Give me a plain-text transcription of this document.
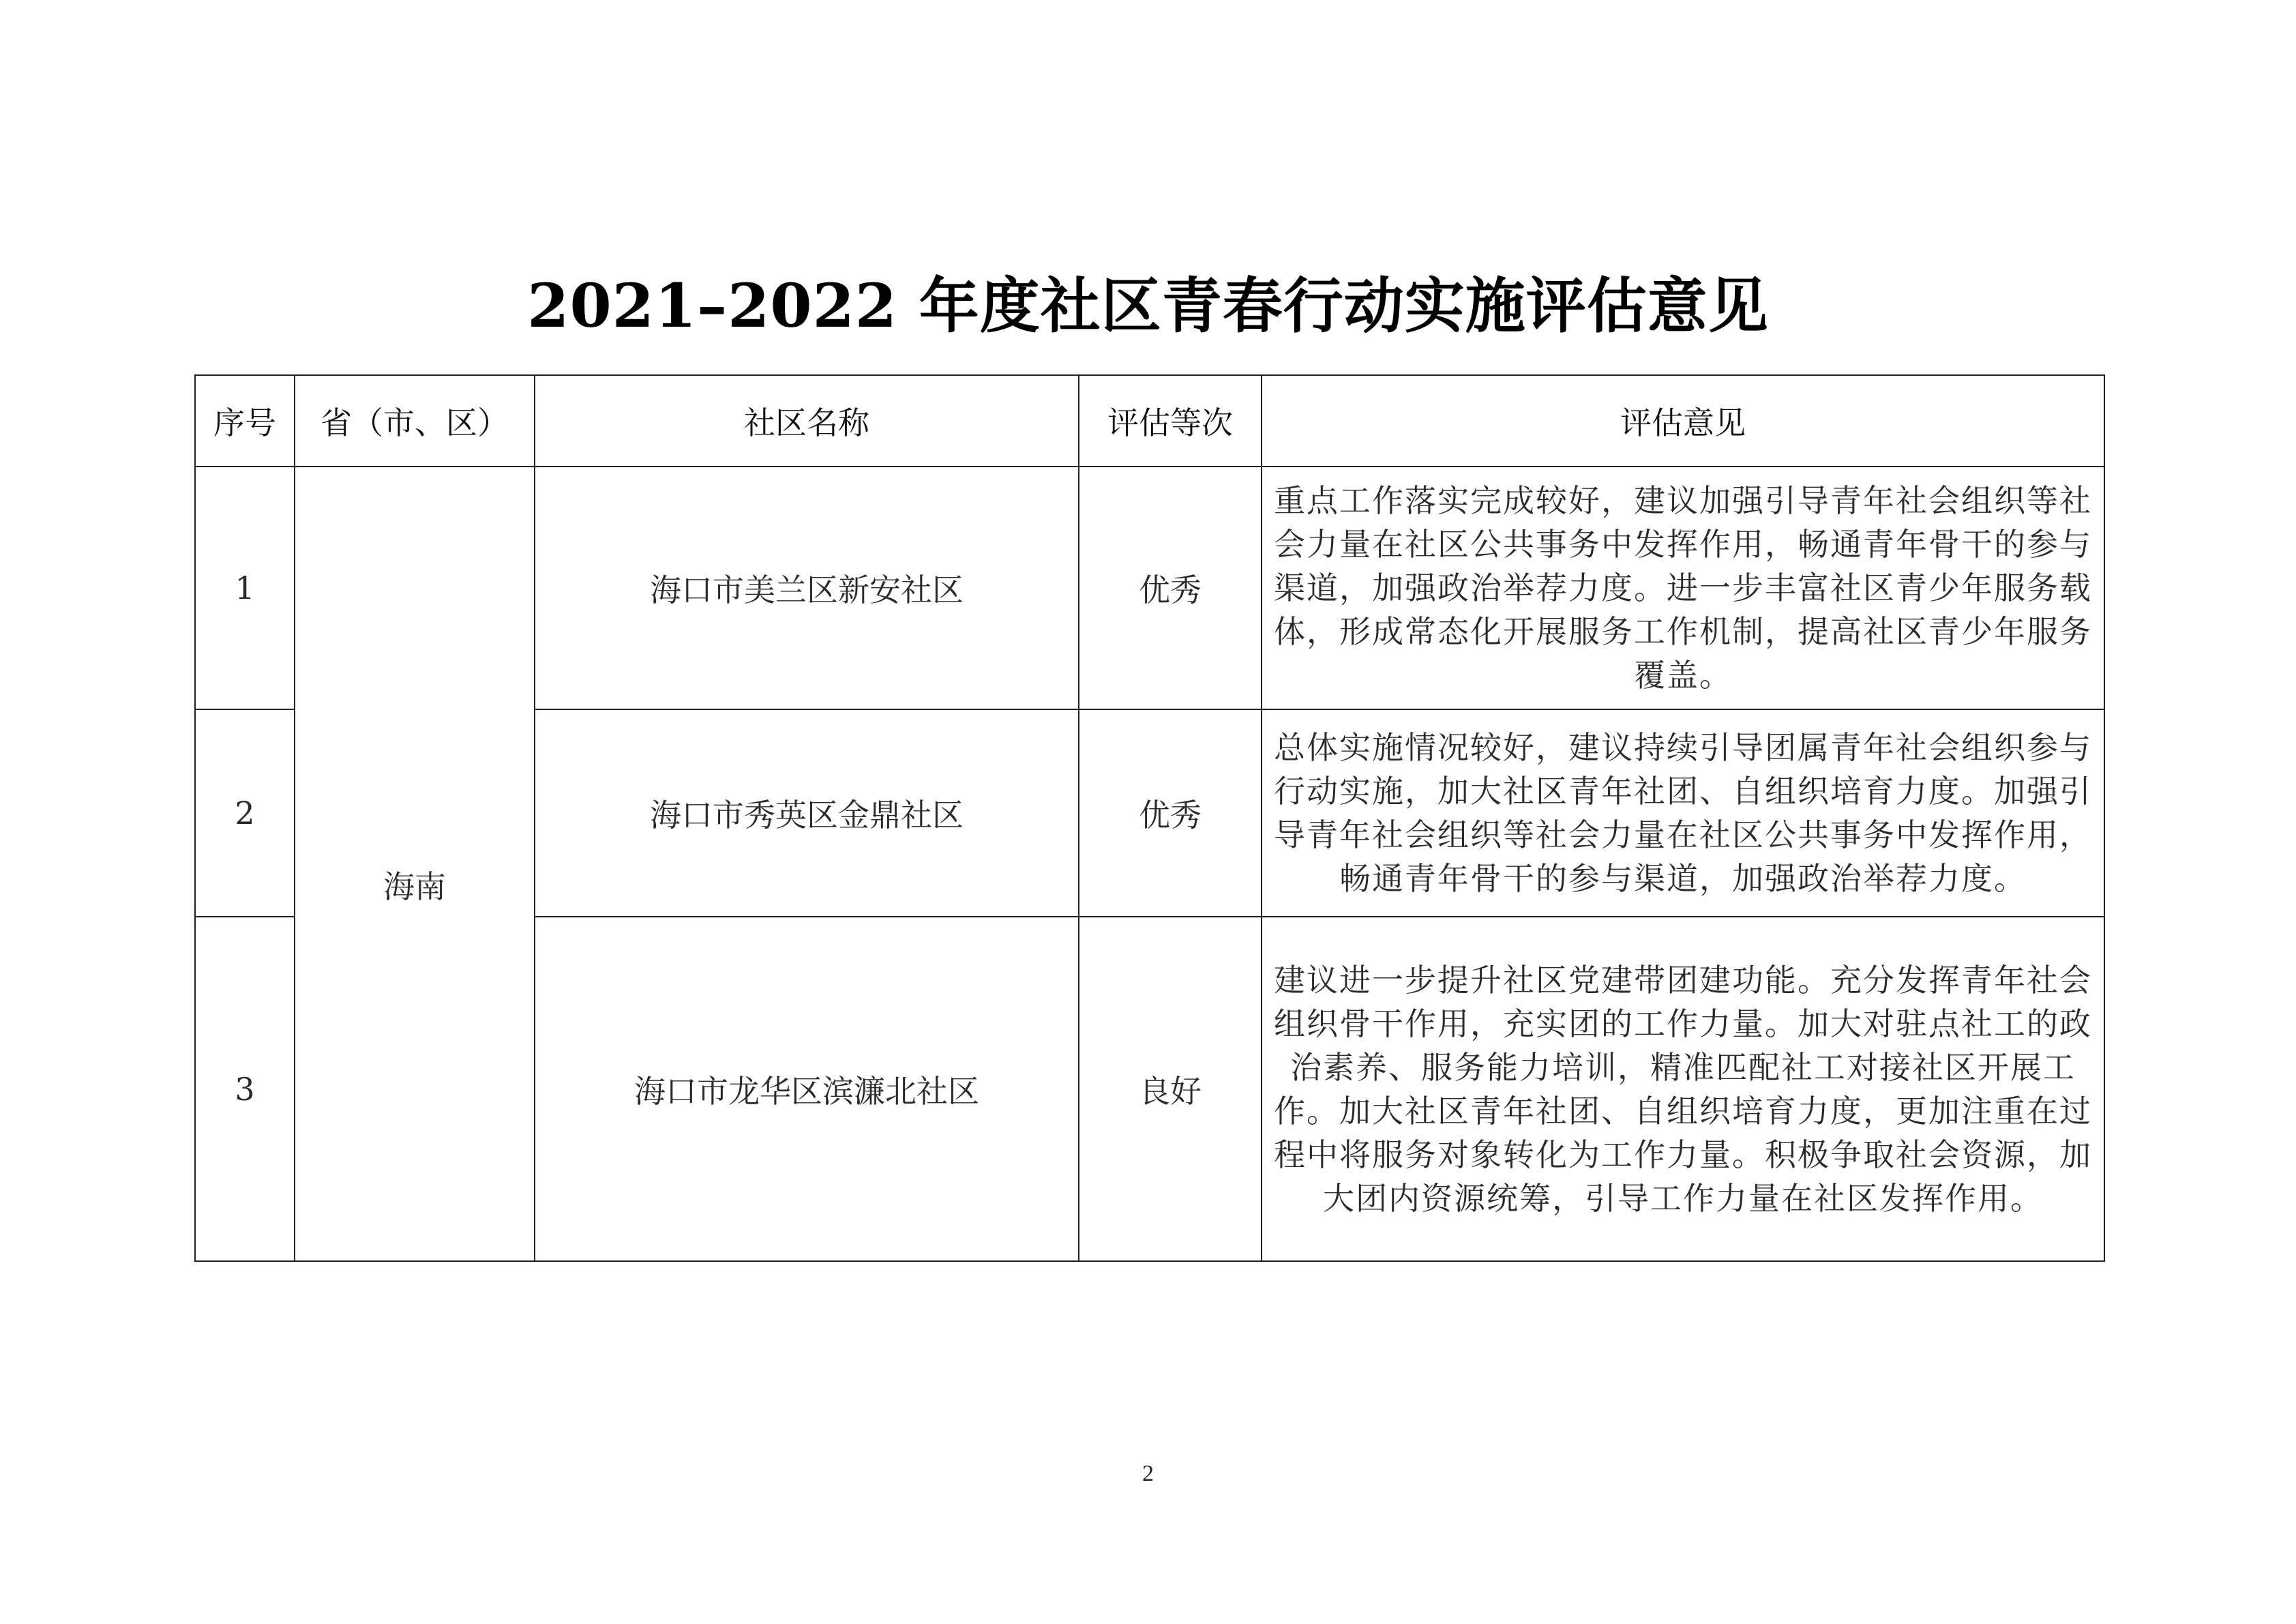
2021–2022 年度社区青春行动实施评估意见
序号	省（市、区）	社区名称	评估等次	评估意见
1	海南	海口市美兰区新安社区	优秀	重点工作落实完成较好，建议加强引导青年社会组织等社会力量在社区公共事务中发挥作用，畅通青年骨干的参与渠道，加强政治举荐力度。进一步丰富社区青少年服务载体，形成常态化开展服务工作机制，提高社区青少年服务覆盖。
2		海口市秀英区金鼎社区	优秀	总体实施情况较好，建议持续引导团属青年社会组织参与行动实施，加大社区青年社团、自组织培育力度。加强引导青年社会组织等社会力量在社区公共事务中发挥作用，畅通青年骨干的参与渠道，加强政治举荐力度。
3		海口市龙华区滨濂北社区	良好	建议进一步提升社区党建带团建功能。充分发挥青年社会组织骨干作用，充实团的工作力量。加大对驻点社工的政治素养、服务能力培训，精准匹配社工对接社区开展工作。加大社区青年社团、自组织培育力度，更加注重在过程中将服务对象转化为工作力量。积极争取社会资源，加大团内资源统筹，引导工作力量在社区发挥作用。
2
